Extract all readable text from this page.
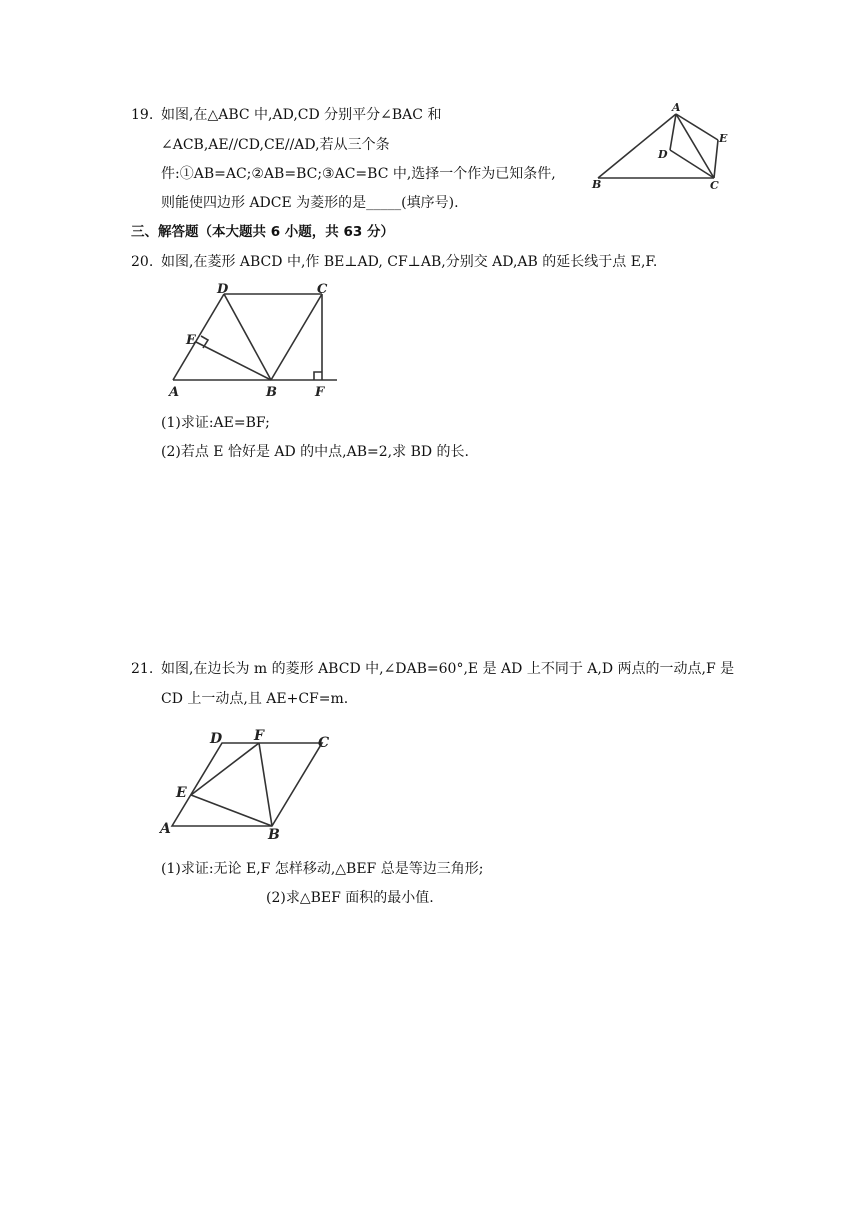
19. 如图,在△ABC 中,AD,CD 分别平分∠BAC 和
∠ACB,AE//CD,CE//AD,若从三个条
件:①AB=AC;②AB=BC;③AC=BC 中,选择一个作为已知条件,
则能使四边形 ADCE 为菱形的是_____(填序号).
A
B	C
D
E
三、解答题（本大题共 6 小题，共 63 分）
20. 如图,在菱形 ABCD 中,作 BE⊥AD, CF⊥AB,分别交 AD,AB 的延长线于点 E,F.
D	C
E
A	B	F
(1)求证:AE=BF;
(2)若点 E 恰好是 AD 的中点,AB=2,求 BD 的长.
21. 如图,在边长为 m 的菱形 ABCD 中,∠DAB=60°,E 是 AD 上不同于 A,D 两点的一动点,F 是
CD 上一动点,且 AE+CF=m.
D F	C
E
A	B
(1)求证:无论 E,F 怎样移动,△BEF 总是等边三角形;
(2)求△BEF 面积的最小值.
